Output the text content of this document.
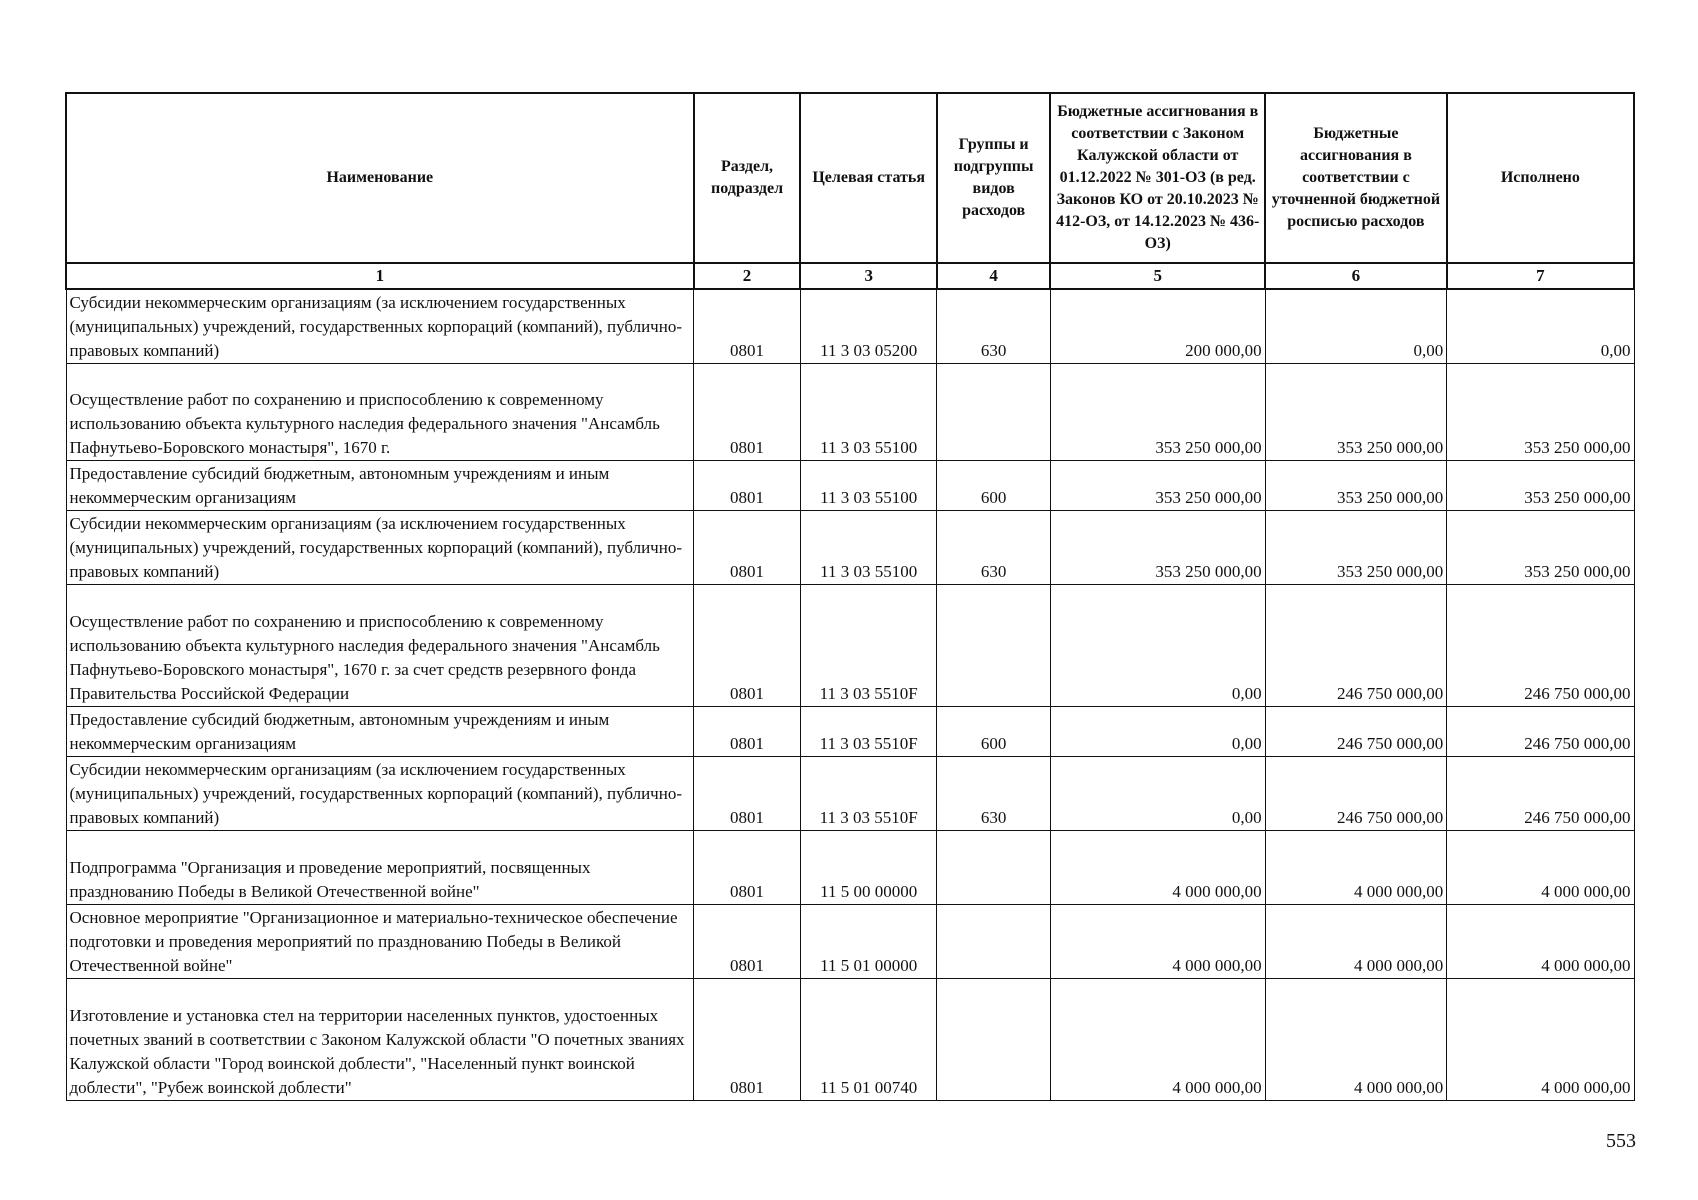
Наименование	Раздел, подраздел	Целевая статья	Группы и подгруппы видов расходов	Бюджетные ассигнования в соответствии с Законом Калужской области от 01.12.2022 № 301-ОЗ (в ред. Законов КО от 20.10.2023 № 412-ОЗ, от 14.12.2023 № 436-ОЗ)	Бюджетные ассигнования в соответствии с уточненной бюджетной росписью расходов	Исполнено
1	2	3	4	5	6	7
Субсидии некоммерческим организациям (за исключением государственных (муниципальных) учреждений, государственных корпораций (компаний), публично-правовых компаний)	0801	11 3 03 05200	630	200 000,00	0,00	0,00
Осуществление работ по сохранению и приспособлению к современному использованию объекта культурного наследия федерального значения "Ансамбль Пафнутьево-Боровского монастыря", 1670 г.	0801	11 3 03 55100		353 250 000,00	353 250 000,00	353 250 000,00
Предоставление субсидий бюджетным, автономным учреждениям и иным некоммерческим организациям	0801	11 3 03 55100	600	353 250 000,00	353 250 000,00	353 250 000,00
Субсидии некоммерческим организациям (за исключением государственных (муниципальных) учреждений, государственных корпораций (компаний), публично-правовых компаний)	0801	11 3 03 55100	630	353 250 000,00	353 250 000,00	353 250 000,00
Осуществление работ по сохранению и приспособлению к современному использованию объекта культурного наследия федерального значения "Ансамбль Пафнутьево-Боровского монастыря", 1670 г. за счет средств резервного фонда Правительства Российской Федерации	0801	11 3 03 5510F		0,00	246 750 000,00	246 750 000,00
Предоставление субсидий бюджетным, автономным учреждениям и иным некоммерческим организациям	0801	11 3 03 5510F	600	0,00	246 750 000,00	246 750 000,00
Субсидии некоммерческим организациям (за исключением государственных (муниципальных) учреждений, государственных корпораций (компаний), публично-правовых компаний)	0801	11 3 03 5510F	630	0,00	246 750 000,00	246 750 000,00
Подпрограмма "Организация и проведение мероприятий, посвященных празднованию Победы в Великой Отечественной войне"	0801	11 5 00 00000		4 000 000,00	4 000 000,00	4 000 000,00
Основное мероприятие "Организационное и материально-техническое обеспечение подготовки и проведения мероприятий по празднованию Победы в Великой Отечественной войне"	0801	11 5 01 00000		4 000 000,00	4 000 000,00	4 000 000,00
Изготовление и установка стел на территории населенных пунктов, удостоенных почетных званий в соответствии с Законом Калужской области "О почетных званиях Калужской области "Город воинской доблести", "Населенный пункт воинской доблести", "Рубеж воинской доблести"	0801	11 5 01 00740		4 000 000,00	4 000 000,00	4 000 000,00
553
